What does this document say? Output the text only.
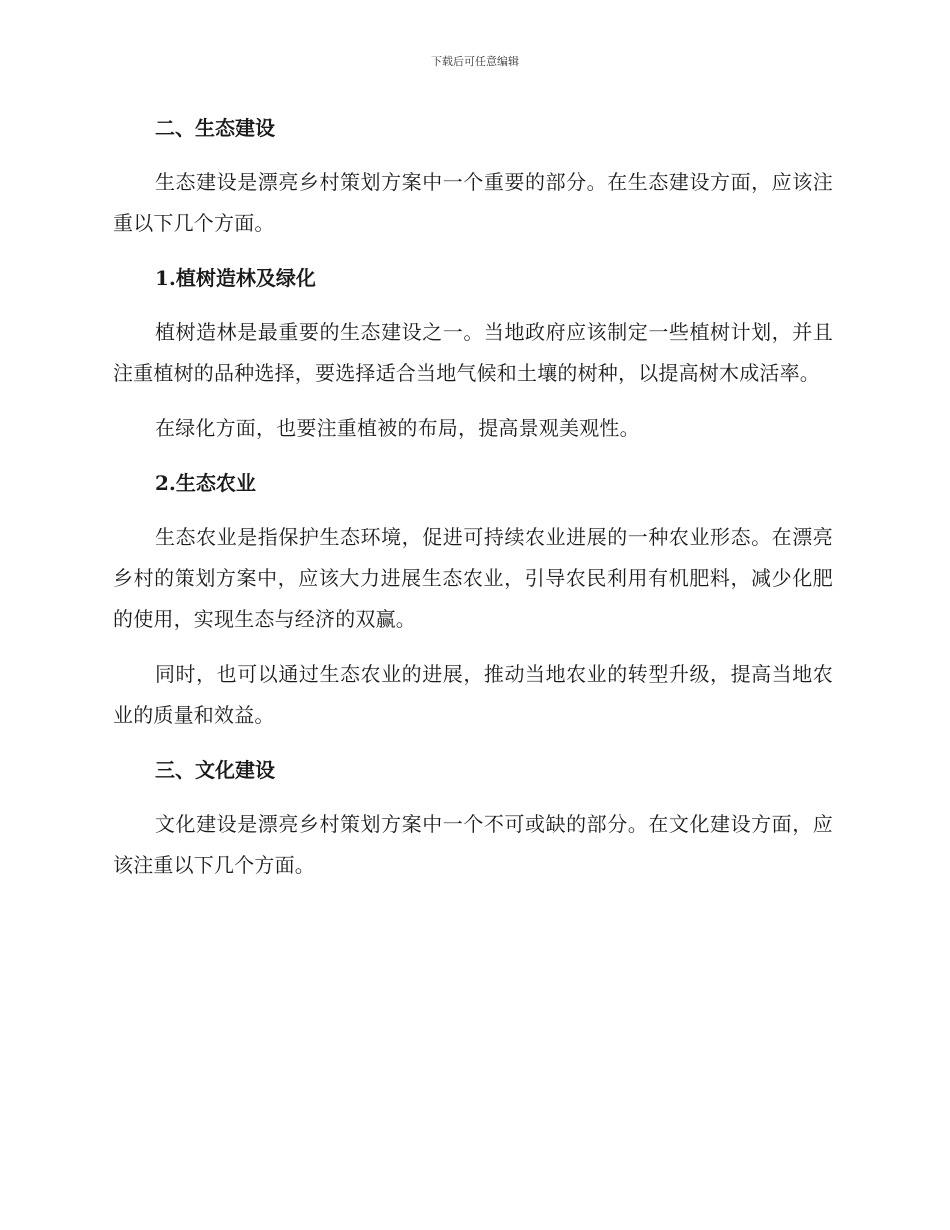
下载后可任意编辑
二、生态建设

生态建设是漂亮乡村策划方案中一个重要的部分。在生态建设方面，应该注重以下几个方面。

1.植树造林及绿化

植树造林是最重要的生态建设之一。当地政府应该制定一些植树计划，并且注重植树的品种选择，要选择适合当地气候和土壤的树种，以提高树木成活率。

在绿化方面，也要注重植被的布局，提高景观美观性。

2.生态农业

生态农业是指保护生态环境，促进可持续农业进展的一种农业形态。在漂亮乡村的策划方案中，应该大力进展生态农业，引导农民利用有机肥料，减少化肥的使用，实现生态与经济的双赢。

同时，也可以通过生态农业的进展，推动当地农业的转型升级，提高当地农业的质量和效益。

三、文化建设

文化建设是漂亮乡村策划方案中一个不可或缺的部分。在文化建设方面，应该注重以下几个方面。
